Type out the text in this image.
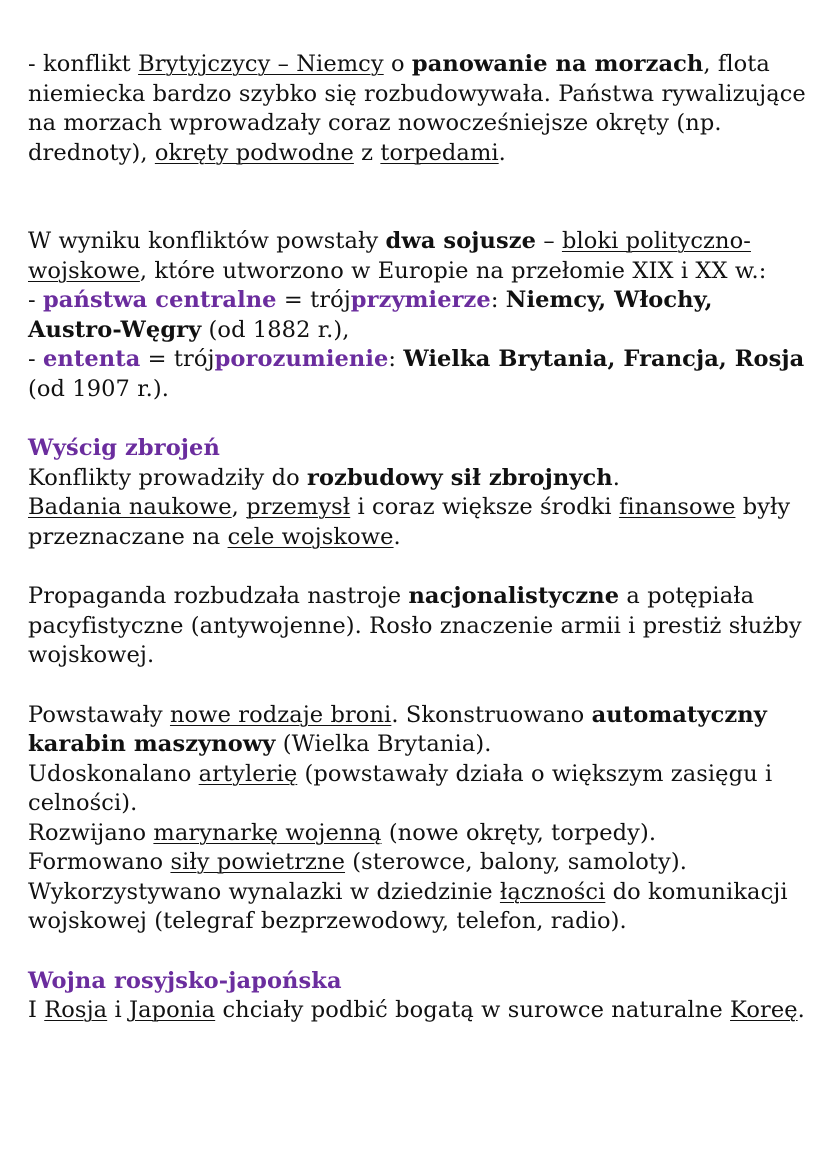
- konflikt Brytyjczycy – Niemcy o panowanie na morzach, flota niemiecka bardzo szybko się rozbudowywała. Państwa rywalizujące na morzach wprowadzały coraz nowocześniejsze okręty (np. drednoty), okręty podwodne z torpedami.

W wyniku konfliktów powstały dwa sojusze – bloki polityczno-wojskowe, które utworzono w Europie na przełomie XIX i XX w.:

- państwa centralne = trójprzymierze: Niemcy, Włochy, Austro-Węgry (od 1882 r.),

- ententa = trójporozumienie: Wielka Brytania, Francja, Rosja (od 1907 r.).

Wyścig zbrojeń

Konflikty prowadziły do rozbudowy sił zbrojnych.

Badania naukowe, przemysł i coraz większe środki finansowe były przeznaczane na cele wojskowe.

Propaganda rozbudzała nastroje nacjonalistyczne a potępiała pacyfistyczne (antywojenne). Rosło znaczenie armii i prestiż służby wojskowej.

Powstawały nowe rodzaje broni. Skonstruowano automatyczny karabin maszynowy (Wielka Brytania).

Udoskonalano artylerię (powstawały działa o większym zasięgu i celności).

Rozwijano marynarkę wojenną (nowe okręty, torpedy).

Formowano siły powietrzne (sterowce, balony, samoloty).

Wykorzystywano wynalazki w dziedzinie łączności do komunikacji wojskowej (telegraf bezprzewodowy, telefon, radio).

Wojna rosyjsko-japońska

I Rosja i Japonia chciały podbić bogatą w surowce naturalne Koreę.
